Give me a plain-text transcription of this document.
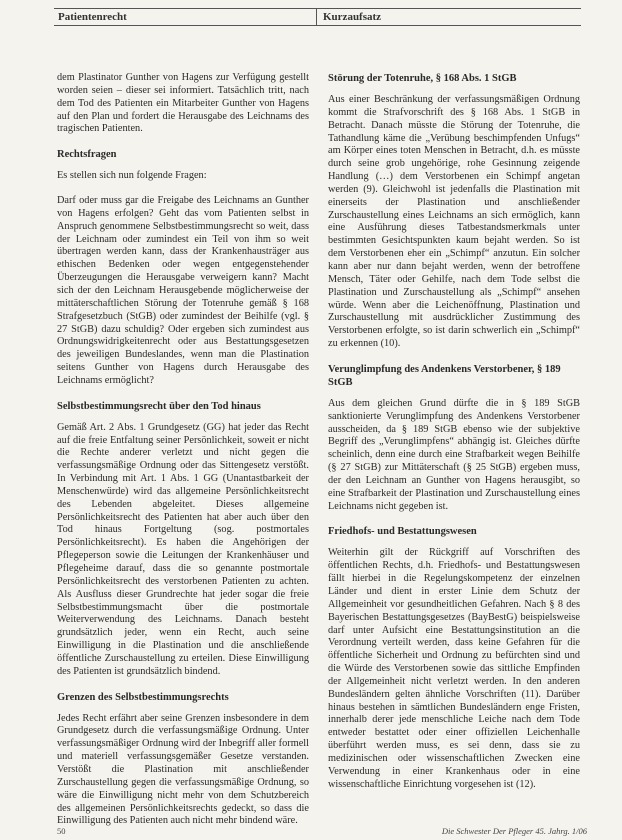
Patientenrecht	Kurzaufsatz

dem Plastinator Gunther von Hagens zur Verfügung gestellt worden seien – dieser sei informiert. Tatsächlich tritt, nach dem Tod des Patienten ein Mitarbeiter Gunther von Hagens auf den Plan und fordert die Herausgabe des Leichnams des tragischen Patienten.

Rechtsfragen

Es stellen sich nun folgende Fragen:

Darf oder muss gar die Freigabe des Leichnams an Gunther von Hagens erfolgen? Geht das vom Patienten selbst in Anspruch genommene Selbstbestimmungsrecht so weit, dass der Leichnam oder zumindest ein Teil von ihm so weit übertragen werden kann, dass der Krankenhausträger aus ethischen Bedenken oder wegen entgegenstehender Überzeugungen die Herausgabe verweigern kann? Macht sich der den Leichnam Herausgebende möglicherweise der mittäterschaftlichen Störung der Totenruhe gemäß § 168 Strafgesetzbuch (StGB) oder zumindest der Beihilfe (vgl. § 27 StGB) dazu schuldig? Oder ergeben sich zumindest aus Ordnungswidrigkeitenrecht oder aus Bestattungsgesetzen des jeweiligen Bundeslandes, wenn man die Plastination seitens Gunther von Hagens durch Herausgabe des Leichnams ermöglicht?

Selbstbestimmungsrecht über den Tod hinaus

Gemäß Art. 2 Abs. 1 Grundgesetz (GG) hat jeder das Recht auf die freie Entfaltung seiner Persönlichkeit, soweit er nicht die Rechte anderer verletzt und nicht gegen die verfassungsmäßige Ordnung oder das Sittengesetz verstößt. In Verbindung mit Art. 1 Abs. 1 GG (Unantastbarkeit der Menschenwürde) wird das allgemeine Persönlichkeitsrecht des Lebenden abgeleitet. Dieses allgemeine Persönlichkeitsrecht des Patienten hat aber auch über den Tod hinaus Fortgeltung (sog. postmortales Persönlichkeitsrecht). Es haben die Angehörigen der Pflegeperson sowie die Leitungen der Krankenhäuser und Pflegeheime darauf, dass die so genannte postmortale Persönlichkeitsrecht des verstorbenen Patienten zu achten. Als Ausfluss dieser Grundrechte hat jeder sogar die freie Selbstbestimmungsmacht über die postmortale Weiterverwendung des Leichnams. Danach besteht grundsätzlich jeder, wenn ein Recht, auch seine Einwilligung in die Plastination und die anschließende öffentliche Zurschaustellung zu erteilen. Diese Einwilligung des Patienten ist grundsätzlich bindend.

Grenzen des Selbstbestimmungsrechts

Jedes Recht erfährt aber seine Grenzen insbesondere in dem Grundgesetz durch die verfassungsmäßige Ordnung. Unter verfassungsmäßiger Ordnung wird der Inbegriff aller formell und materiell verfassungsgemäßer Gesetze verstanden. Verstößt die Plastination mit anschließender Zurschaustellung gegen die verfassungsmäßige Ordnung, so wäre die Einwilligung nicht mehr von dem Schutzbereich des allgemeinen Persönlichkeitsrechts gedeckt, so dass die Einwilligung des Patienten auch nicht mehr bindend wäre.

Störung der Totenruhe, § 168 Abs. 1 StGB

Aus einer Beschränkung der verfassungsmäßigen Ordnung kommt die Strafvorschrift des § 168 Abs. 1 StGB in Betracht. Danach müsste die Störung der Totenruhe, die Tathandlung käme die „Verübung beschimpfenden Unfugs“ am Körper eines toten Menschen in Betracht, d.h. es müsste durch seine grob ungehörige, rohe Gesinnung zeigende Handlung (…) dem Verstorbenen ein Schimpf angetan werden (9). Gleichwohl ist jedenfalls die Plastination mit einerseits der Plastination und anschließender Zurschaustellung eines Leichnams an sich ermöglich, kann eine Ausführung dieses Tatbestandsmerkmals unter bestimmten Gesichtspunkten kaum bejaht werden. So ist dem Verstorbenen eher ein „Schimpf“ anzutun. Ein solcher kann aber nur dann bejaht werden, wenn der betroffene Mensch, Täter oder Gehilfe, nach dem Tode selbst die Plastination und Zurschaustellung als „Schimpf“ ansehen würde. Wenn aber die Leichenöffnung, Plastination und Zurschaustellung mit ausdrücklicher Zustimmung des Verstorbenen erfolgte, so ist darin schwerlich ein „Schimpf“ zu erkennen (10).

Verunglimpfung des Andenkens Verstorbener, § 189 StGB

Aus dem gleichen Grund dürfte die in § 189 StGB sanktionierte Verunglimpfung des Andenkens Verstorbener ausscheiden, da § 189 StGB ebenso wie der subjektive Begriff des „Verunglimpfens“ abhängig ist. Gleiches dürfte scheinlich, denn eine durch eine Strafbarkeit wegen Beihilfe (§ 27 StGB) zur Mittäterschaft (§ 25 StGB) ergeben muss, der den Leichnam an Gunther von Hagens herausgibt, so eine Strafbarkeit der Plastination und Zurschaustellung eines Leichnams nicht gegeben ist.

Friedhofs- und Bestattungswesen

Weiterhin gilt der Rückgriff auf Vorschriften des öffentlichen Rechts, d.h. Friedhofs- und Bestattungswesen fällt hierbei in die Regelungskompetenz der einzelnen Länder und dient in erster Linie dem Schutz der Allgemeinheit vor gesundheitlichen Gefahren. Nach § 8 des Bayerischen Bestattungsgesetzes (BayBestG) beispielsweise darf unter Aufsicht eine Bestattungsinstitution an die Verordnung verteilt werden, dass keine Gefahren für die öffentliche Sicherheit und Ordnung zu befürchten sind und die Würde des Verstorbenen sowie das sittliche Empfinden der Allgemeinheit nicht verletzt werden. In den anderen Bundesländern gelten ähnliche Vorschriften (11). Darüber hinaus bestehen in sämtlichen Bundesländern enge Fristen, innerhalb derer jede menschliche Leiche nach dem Tode entweder bestattet oder einer offiziellen Leichenhalle überführt werden muss, es sei denn, dass sie zu medizinischen oder wissenschaftlichen Zwecken eine Verwendung in einer Krankenhaus oder in eine wissenschaftliche Einrichtung vorgesehen ist (12).

50	Die Schwester Der Pfleger 45. Jahrg. 1/06
